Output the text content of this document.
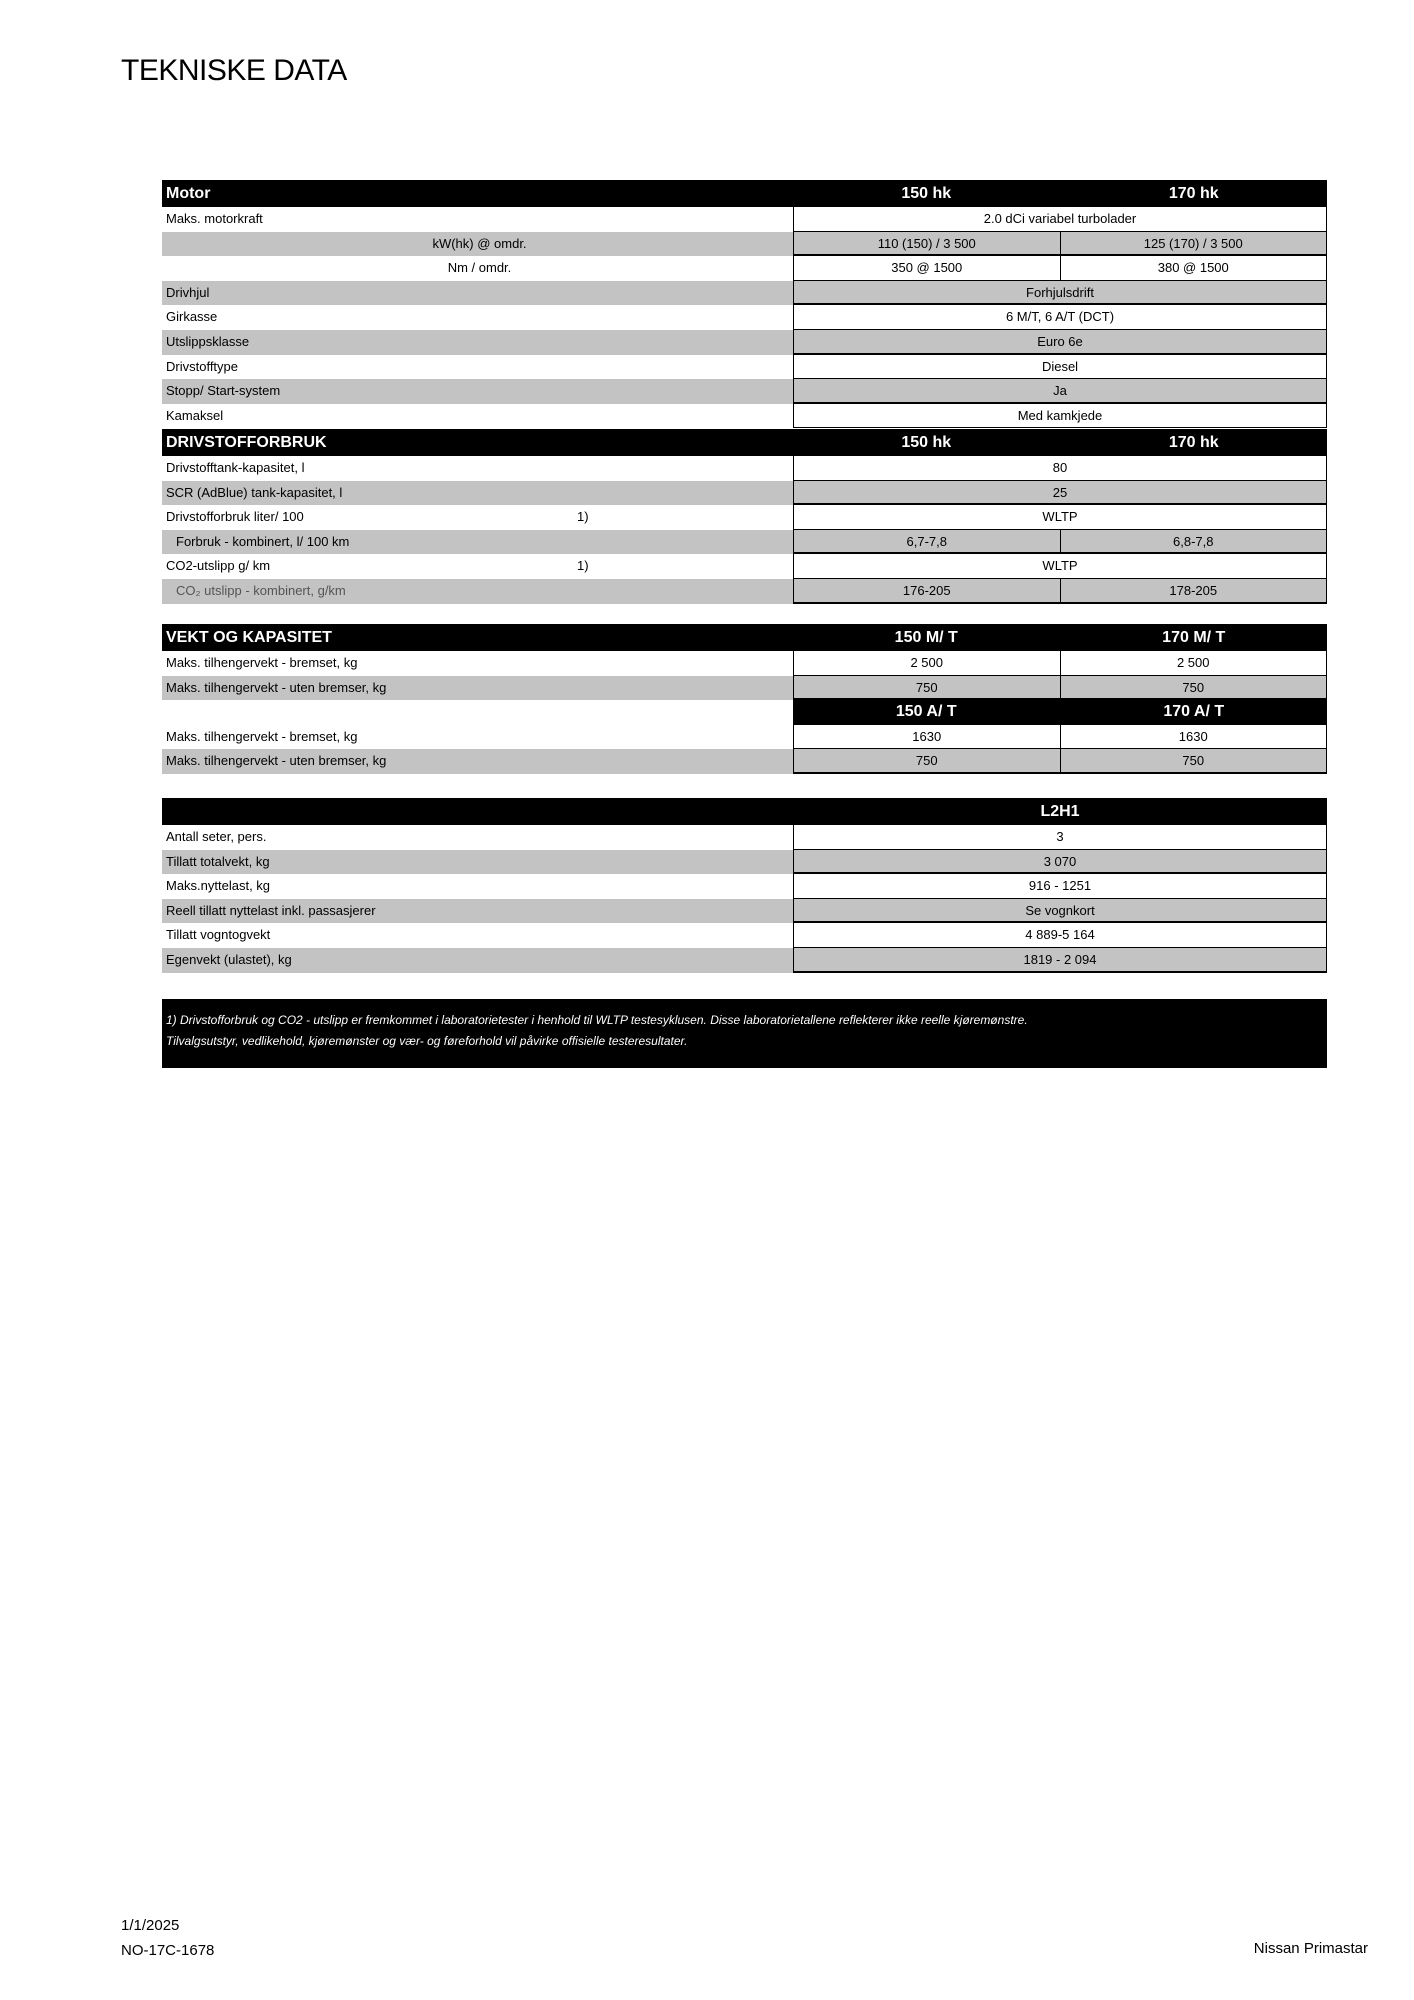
TEKNISKE DATA
Motor	150 hk	170 hk
Maks. motorkraft	2.0 dCi variabel turbolader
kW(hk) @ omdr.	110 (150) / 3 500	125 (170) / 3 500
Nm / omdr.	350 @ 1500	380 @ 1500
Drivhjul	Forhjulsdrift
Girkasse	6 M/T, 6 A/T (DCT)
Utslippsklasse	Euro 6e
Drivstofftype	Diesel
Stopp/ Start-system	Ja
Kamaksel	Med kamkjede
DRIVSTOFFORBRUK	150 hk	170 hk
Drivstofftank-kapasitet, l	80
SCR (AdBlue) tank-kapasitet, l	25
Drivstofforbruk liter/ 100	1)	WLTP
Forbruk - kombinert, l/ 100 km	6,7-7,8	6,8-7,8
CO2-utslipp g/ km	1)	WLTP
CO₂ utslipp - kombinert, g/km	176-205	178-205
VEKT OG KAPASITET	150 M/ T	170 M/ T
Maks. tilhengervekt - bremset, kg	2 500	2 500
Maks. tilhengervekt - uten bremser, kg	750	750
150 A/ T	170 A/ T
Maks. tilhengervekt - bremset, kg	1630	1630
Maks. tilhengervekt - uten bremser, kg	750	750
L2H1
Antall seter, pers.	3
Tillatt totalvekt, kg	3 070
Maks.nyttelast, kg	916 - 1251
Reell tillatt nyttelast inkl. passasjerer	Se vognkort
Tillatt vogntogvekt	4 889-5 164
Egenvekt (ulastet), kg	1819 - 2 094
1) Drivstofforbruk og CO2 - utslipp er fremkommet i laboratorietester i henhold til WLTP testesyklusen. Disse laboratorietallene reflekterer ikke reelle kjøremønstre.
Tilvalgsutstyr, vedlikehold, kjøremønster og vær- og føreforhold vil påvirke offisielle testeresultater.
1/1/2025
NO-17C-1678	Nissan Primastar
